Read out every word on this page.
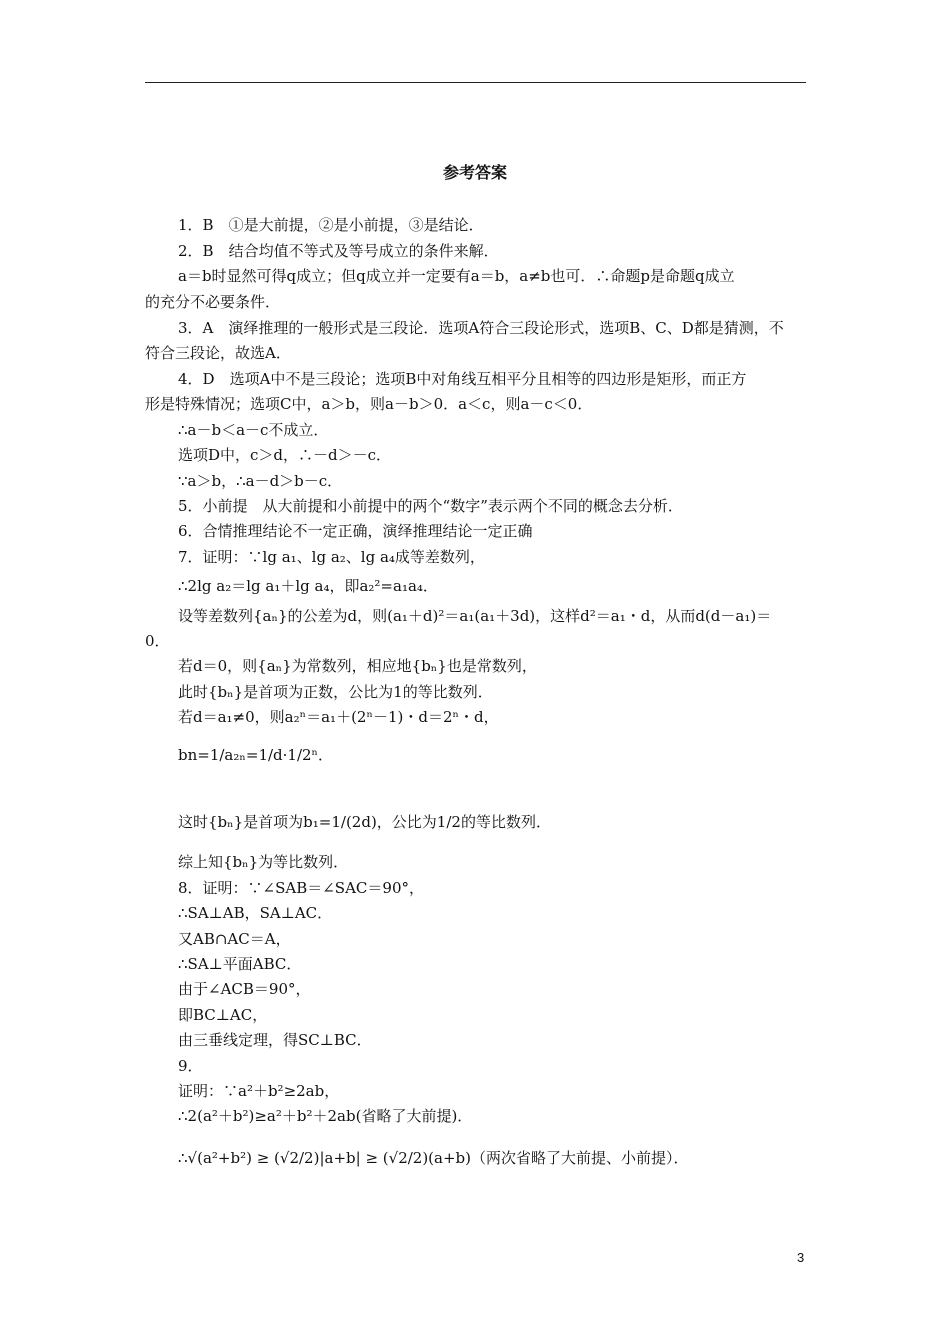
参考答案
1．B　①是大前提，②是小前提，③是结论．
2．B　结合均值不等式及等号成立的条件来解．
a＝b时显然可得q成立；但q成立并一定要有a＝b，a≠b也可．∴命题p是命题q成立
的充分不必要条件．
3．A　演绎推理的一般形式是三段论．选项A符合三段论形式，选项B、C、D都是猜测，不
符合三段论，故选A．
4．D　选项A中不是三段论；选项B中对角线互相平分且相等的四边形是矩形，而正方
形是特殊情况；选项C中，a＞b，则a－b＞0．a＜c，则a－c＜0．
∴a－b＜a－c不成立．
选项D中，c＞d，∴－d＞－c．
∵a＞b，∴a－d＞b－c．
5．小前提　从大前提和小前提中的两个“数字”表示两个不同的概念去分析．
6．合情推理结论不一定正确，演绎推理结论一定正确
7．证明：∵lg a₁、lg a₂、lg a₄成等差数列，
∴2lg a₂＝lg a₁＋lg a₄，即a₂²=a₁a₄．
设等差数列{aₙ}的公差为d，则(a₁＋d)²＝a₁(a₁＋3d)，这样d²＝a₁・d，从而d(d－a₁)＝
0．
若d＝0，则{aₙ}为常数列，相应地{bₙ}也是常数列，
此时{bₙ}是首项为正数，公比为1的等比数列．
若d＝a₁≠0，则a₂ⁿ＝a₁＋(2ⁿ－1)・d＝2ⁿ・d，
bn=1/a₂ₙ=1/d·1/2ⁿ．
这时{bₙ}是首项为b₁=1/(2d)，公比为1/2的等比数列．
综上知{bₙ}为等比数列．
8．证明：∵∠SAB＝∠SAC＝90°，
∴SA⊥AB，SA⊥AC．
又AB∩AC＝A，
∴SA⊥平面ABC．
由于∠ACB＝90°，
即BC⊥AC，
由三垂线定理，得SC⊥BC．
9．
证明：∵a²＋b²≥2ab，
∴2(a²＋b²)≥a²＋b²＋2ab(省略了大前提)．
∴√(a²+b²) ≥ (√2/2)|a+b| ≥ (√2/2)(a+b)（两次省略了大前提、小前提）．
3
